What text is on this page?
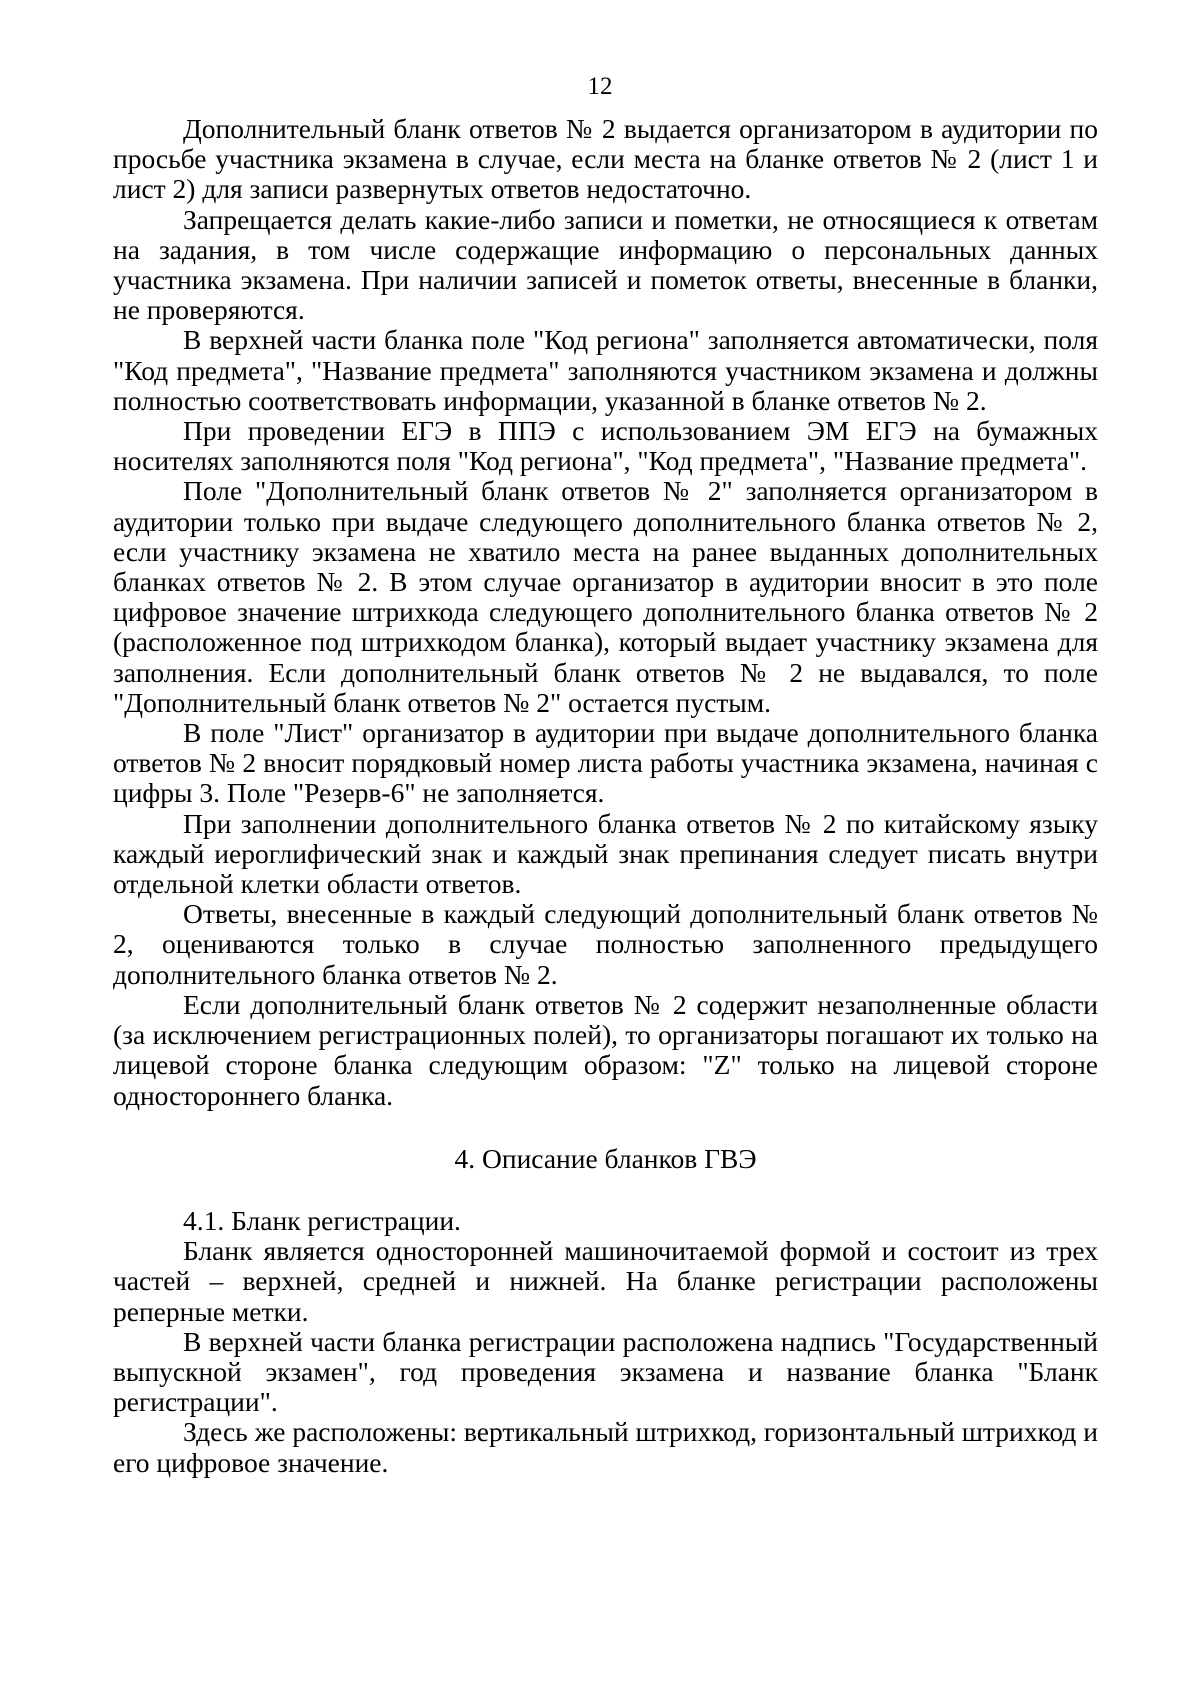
12

Дополнительный бланк ответов № 2 выдается организатором в аудитории по просьбе участника экзамена в случае, если места на бланке ответов № 2 (лист 1 и лист 2) для записи развернутых ответов недостаточно.

Запрещается делать какие-либо записи и пометки, не относящиеся к ответам на задания, в том числе содержащие информацию о персональных данных участника экзамена. При наличии записей и пометок ответы, внесенные в бланки, не проверяются.

В верхней части бланка поле "Код региона" заполняется автоматически, поля "Код предмета", "Название предмета" заполняются участником экзамена и должны полностью соответствовать информации, указанной в бланке ответов № 2.

При проведении ЕГЭ в ППЭ с использованием ЭМ ЕГЭ на бумажных носителях заполняются поля "Код региона", "Код предмета", "Название предмета".

Поле "Дополнительный бланк ответов № 2" заполняется организатором в аудитории только при выдаче следующего дополнительного бланка ответов № 2, если участнику экзамена не хватило места на ранее выданных дополнительных бланках ответов № 2. В этом случае организатор в аудитории вносит в это поле цифровое значение штрихкода следующего дополнительного бланка ответов № 2 (расположенное под штрихкодом бланка), который выдает участнику экзамена для заполнения. Если дополнительный бланк ответов № 2 не выдавался, то поле "Дополнительный бланк ответов № 2" остается пустым.

В поле "Лист" организатор в аудитории при выдаче дополнительного бланка ответов № 2 вносит порядковый номер листа работы участника экзамена, начиная с цифры 3. Поле "Резерв-6" не заполняется.

При заполнении дополнительного бланка ответов № 2 по китайскому языку каждый иероглифический знак и каждый знак препинания следует писать внутри отдельной клетки области ответов.

Ответы, внесенные в каждый следующий дополнительный бланк ответов № 2, оцениваются только в случае полностью заполненного предыдущего дополнительного бланка ответов № 2.

Если дополнительный бланк ответов № 2 содержит незаполненные области (за исключением регистрационных полей), то организаторы погашают их только на лицевой стороне бланка следующим образом: "Z" только на лицевой стороне одностороннего бланка.

4. Описание бланков ГВЭ

4.1. Бланк регистрации.

Бланк является односторонней машиночитаемой формой и состоит из трех частей – верхней, средней и нижней. На бланке регистрации расположены реперные метки.

В верхней части бланка регистрации расположена надпись "Государственный выпускной экзамен", год проведения экзамена и название бланка "Бланк регистрации".

Здесь же расположены: вертикальный штрихкод, горизонтальный штрихкод и его цифровое значение.
